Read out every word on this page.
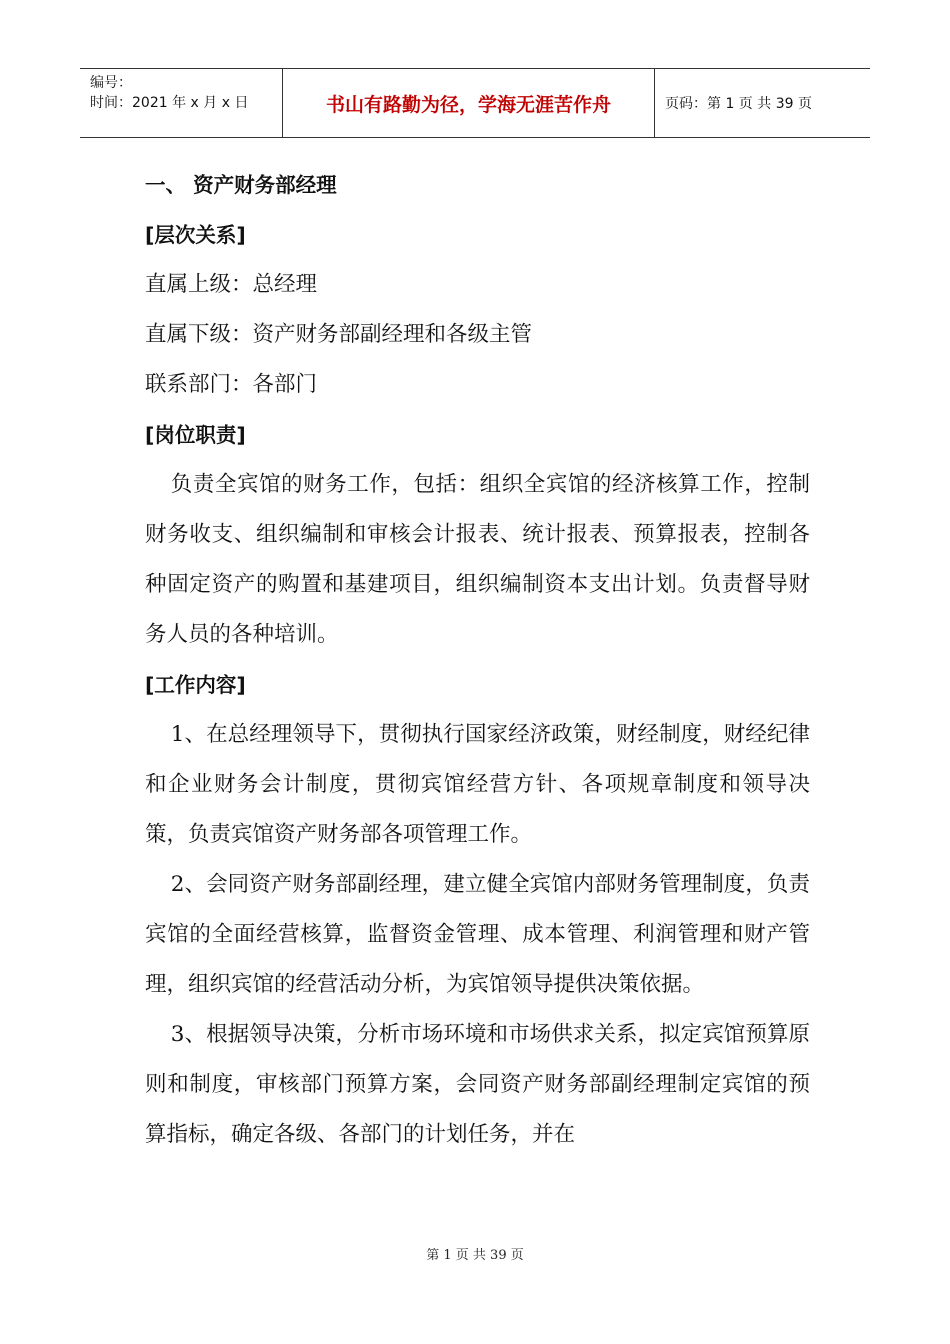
编号：
时间：2021 年 x 月 x 日	书山有路勤为径，学海无涯苦作舟	页码：第 1 页 共 39 页

一、 资产财务部经理

[层次关系]

直属上级：总经理

直属下级：资产财务部副经理和各级主管

联系部门：各部门

[岗位职责]

负责全宾馆的财务工作，包括：组织全宾馆的经济核算工作，控制财务收支、组织编制和审核会计报表、统计报表、预算报表，控制各种固定资产的购置和基建项目，组织编制资本支出计划。负责督导财务人员的各种培训。

[工作内容]

1、在总经理领导下，贯彻执行国家经济政策，财经制度，财经纪律和企业财务会计制度，贯彻宾馆经营方针、各项规章制度和领导决策，负责宾馆资产财务部各项管理工作。

2、会同资产财务部副经理，建立健全宾馆内部财务管理制度，负责宾馆的全面经营核算，监督资金管理、成本管理、利润管理和财产管理，组织宾馆的经营活动分析，为宾馆领导提供决策依据。

3、根据领导决策，分析市场环境和市场供求关系，拟定宾馆预算原则和制度，审核部门预算方案，会同资产财务部副经理制定宾馆的预算指标，确定各级、各部门的计划任务，并在

第 1 页 共 39 页
